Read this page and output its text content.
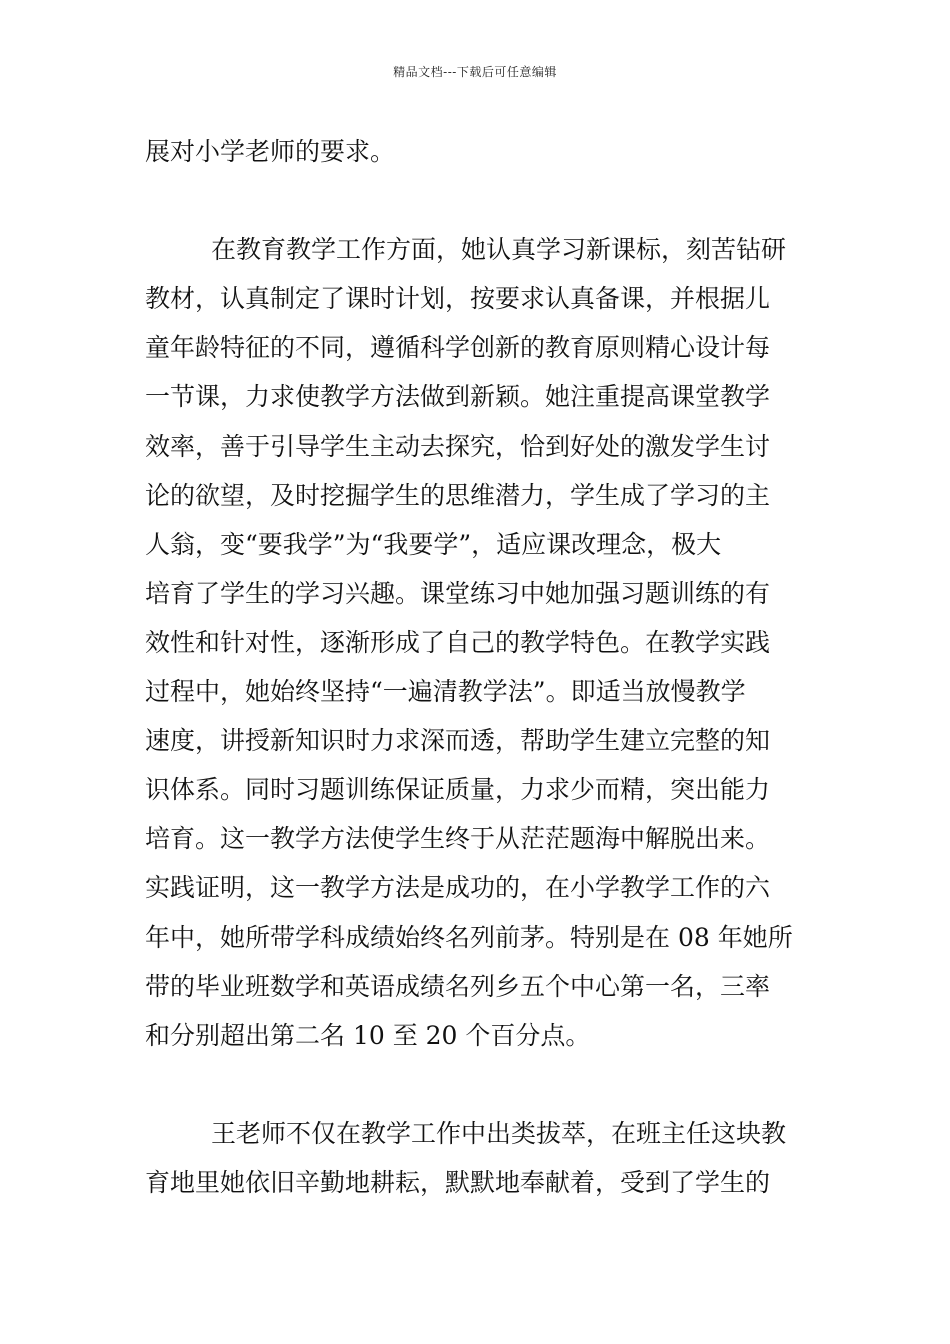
精品文档---下载后可任意编辑
展对小学老师的要求。
在教育教学工作方面，她认真学习新课标，刻苦钻研
教材，认真制定了课时计划，按要求认真备课，并根据儿
童年龄特征的不同，遵循科学创新的教育原则精心设计每
一节课，力求使教学方法做到新颖。她注重提高课堂教学
效率，善于引导学生主动去探究，恰到好处的激发学生讨
论的欲望，及时挖掘学生的思维潜力，学生成了学习的主
人翁，变“要我学”为“我要学”，适应课改理念，极大
培育了学生的学习兴趣。课堂练习中她加强习题训练的有
效性和针对性，逐渐形成了自己的教学特色。在教学实践
过程中，她始终坚持“一遍清教学法”。即适当放慢教学
速度，讲授新知识时力求深而透，帮助学生建立完整的知
识体系。同时习题训练保证质量，力求少而精，突出能力
培育。这一教学方法使学生终于从茫茫题海中解脱出来。
实践证明，这一教学方法是成功的，在小学教学工作的六
年中，她所带学科成绩始终名列前茅。特别是在 08 年她所
带的毕业班数学和英语成绩名列乡五个中心第一名，三率
和分别超出第二名 10 至 20 个百分点。
王老师不仅在教学工作中出类拔萃，在班主任这块教
育地里她依旧辛勤地耕耘，默默地奉献着，受到了学生的
